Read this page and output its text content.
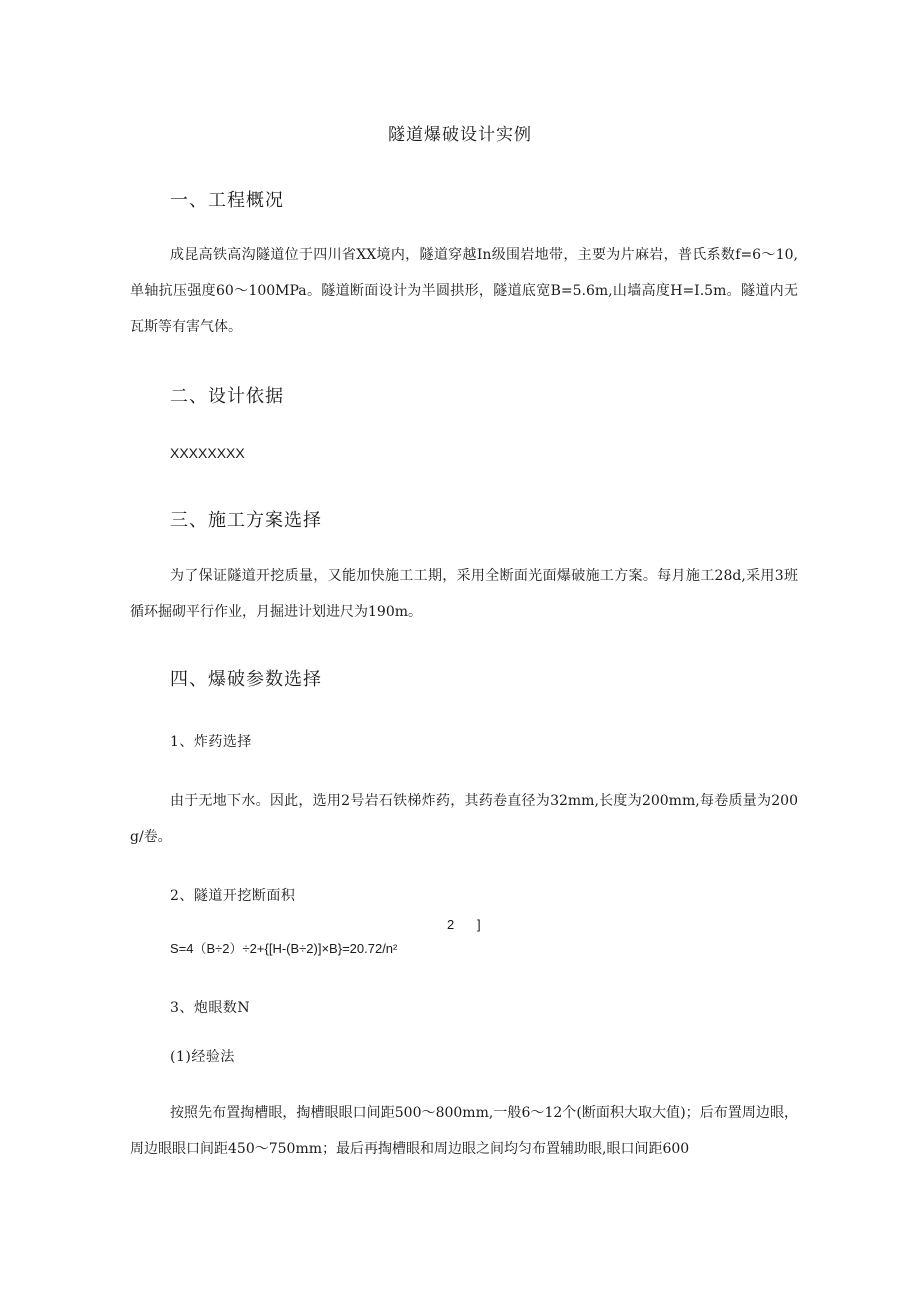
隧道爆破设计实例
一、工程概况
成昆高铁高沟隧道位于四川省XX境内，隧道穿越In级围岩地带，主要为片麻岩，普氏系数f=6～10,单轴抗压强度60～100MPa。隧道断面设计为半圆拱形，隧道底宽B=5.6m,山墙高度H=I.5m。隧道内无瓦斯等有害气体。
二、设计依据
XXXXXXXX
三、施工方案选择
为了保证隧道开挖质量，又能加快施工工期，采用全断面光面爆破施工方案。每月施工28d,采用3班循环掘砌平行作业，月掘进计划进尺为190m。
四、爆破参数选择
1、炸药选择
由于无地下水。因此，选用2号岩石铁梯炸药，其药卷直径为32mm,长度为200mm,每卷质量为200g/卷。
2、隧道开挖断面积
2 ]
S=4（B÷2）÷2+{[H-(B÷2)]×B}=20.72/n²
3、炮眼数N
(1)经验法
按照先布置掏槽眼，掏槽眼眼口间距500～800mm,一般6～12个(断面积大取大值)；后布置周边眼，周边眼眼口间距450～750mm；最后再掏槽眼和周边眼之间均匀布置辅助眼,眼口间距600
